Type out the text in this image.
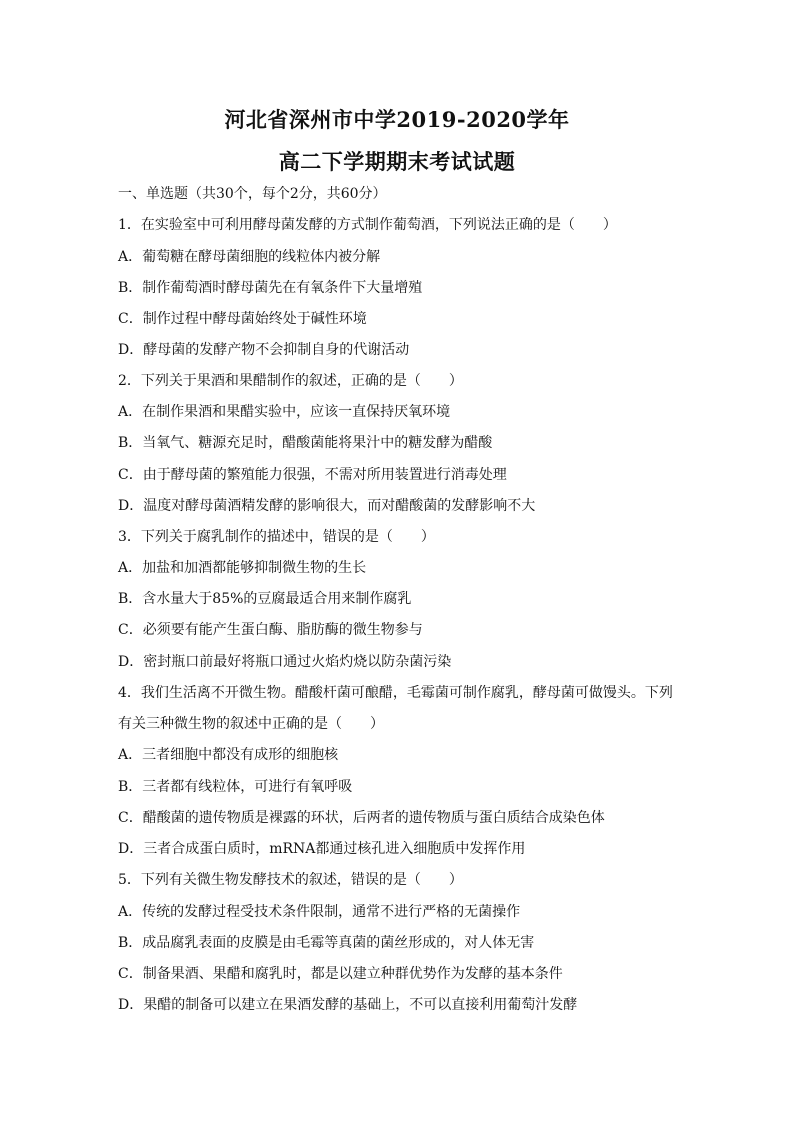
河北省深州市中学2019-2020学年
高二下学期期末考试试题
一、单选题（共30个，每个2分，共60分）
1．在实验室中可利用酵母菌发酵的方式制作葡萄酒，下列说法正确的是（　　）
A．葡萄糖在酵母菌细胞的线粒体内被分解
B．制作葡萄酒时酵母菌先在有氧条件下大量增殖
C．制作过程中酵母菌始终处于碱性环境
D．酵母菌的发酵产物不会抑制自身的代谢活动
2．下列关于果酒和果醋制作的叙述，正确的是（　　）
A．在制作果酒和果醋实验中，应该一直保持厌氧环境
B．当氧气、糖源充足时，醋酸菌能将果汁中的糖发酵为醋酸
C．由于酵母菌的繁殖能力很强，不需对所用装置进行消毒处理
D．温度对酵母菌酒精发酵的影响很大，而对醋酸菌的发酵影响不大
3．下列关于腐乳制作的描述中，错误的是（　　）
A．加盐和加酒都能够抑制微生物的生长
B．含水量大于85%的豆腐最适合用来制作腐乳
C．必须要有能产生蛋白酶、脂肪酶的微生物参与
D．密封瓶口前最好将瓶口通过火焰灼烧以防杂菌污染
4．我们生活离不开微生物。醋酸杆菌可酿醋，毛霉菌可制作腐乳，酵母菌可做馒头。下列
有关三种微生物的叙述中正确的是（　　）
A．三者细胞中都没有成形的细胞核
B．三者都有线粒体，可进行有氧呼吸
C．醋酸菌的遗传物质是裸露的环状，后两者的遗传物质与蛋白质结合成染色体
D．三者合成蛋白质时，mRNA都通过核孔进入细胞质中发挥作用
5．下列有关微生物发酵技术的叙述，错误的是（　　）
A．传统的发酵过程受技术条件限制，通常不进行严格的无菌操作
B．成品腐乳表面的皮膜是由毛霉等真菌的菌丝形成的，对人体无害
C．制备果酒、果醋和腐乳时，都是以建立种群优势作为发酵的基本条件
D．果醋的制备可以建立在果酒发酵的基础上，不可以直接利用葡萄汁发酵
